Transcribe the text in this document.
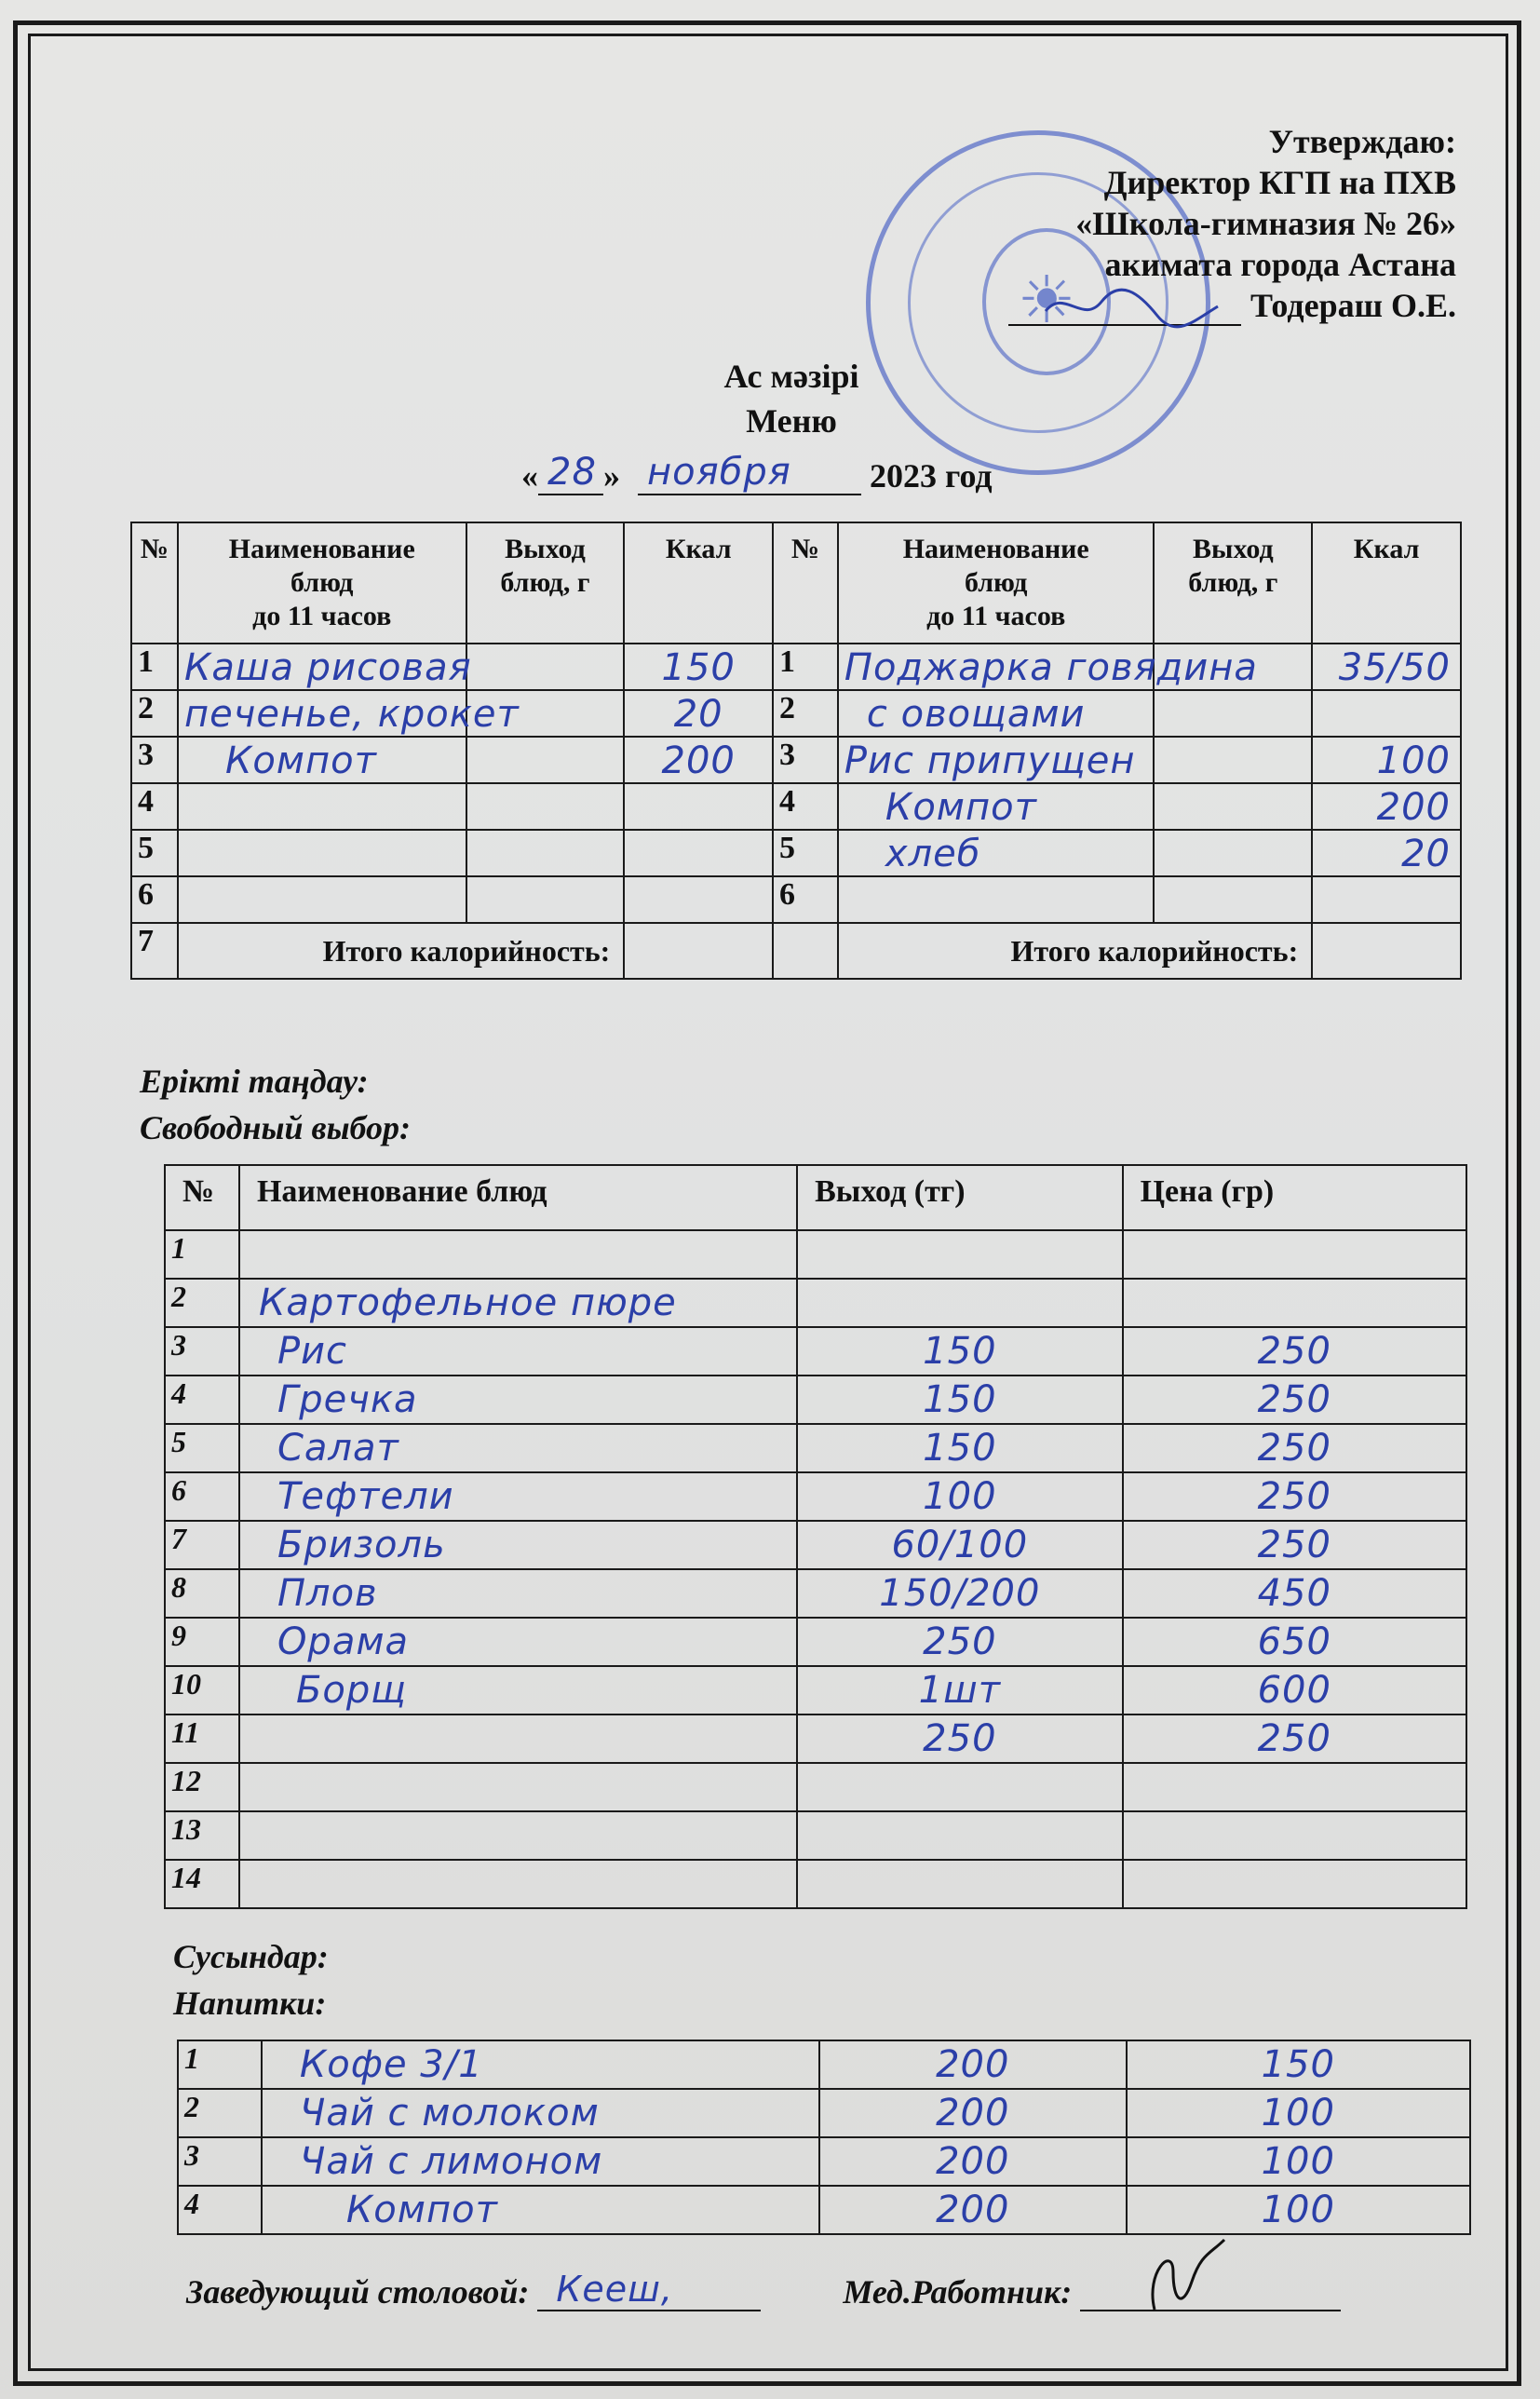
☀
Утверждаю:
Директор КГП на ПХВ
«Школа-гимназия № 26»
акимата города Астана
Тодераш О.Е.
Ас мәзірі
Меню
« 28 » ноября 2023 год
№	Наименование
блюд
до 11 часов	Выход
блюд, г	Ккал	№	Наименование
блюд
до 11 часов	Выход
блюд, г	Ккал
1	Каша рисовая		150	1	Поджарка говядина		35/50

2	печенье, крокет		20	2	с овощами		

3	Компот		200	3	Рис припущен		100

4				4	Компот		200

5				5	хлеб		20

6				6			
7	Итого калорийность:				Итого калорийность:		
Ерікті таңдау:
Свободный выбор:
№	Наименование блюд	Выход (тг)	Цена (гр)
1	

2	Картофельное пюре		

3	Рис	150	250

4	Гречка	150	250

5	Салат	150	250

6	Тефтели	100	250

7	Бризоль	60/100	250

8	Плов	150/200	450

9	Орама	250	650

10	Борщ	1шт	600

11		250	250

12	

13	

14	

Сусындар:
Напитки:
1	Кофе 3/1	200	150

2	Чай с молоком	200	100

3	Чай с лимоном	200	100

4	Компот	200	100
Заведующий столовой: Кееш,	Мед.Работник:
